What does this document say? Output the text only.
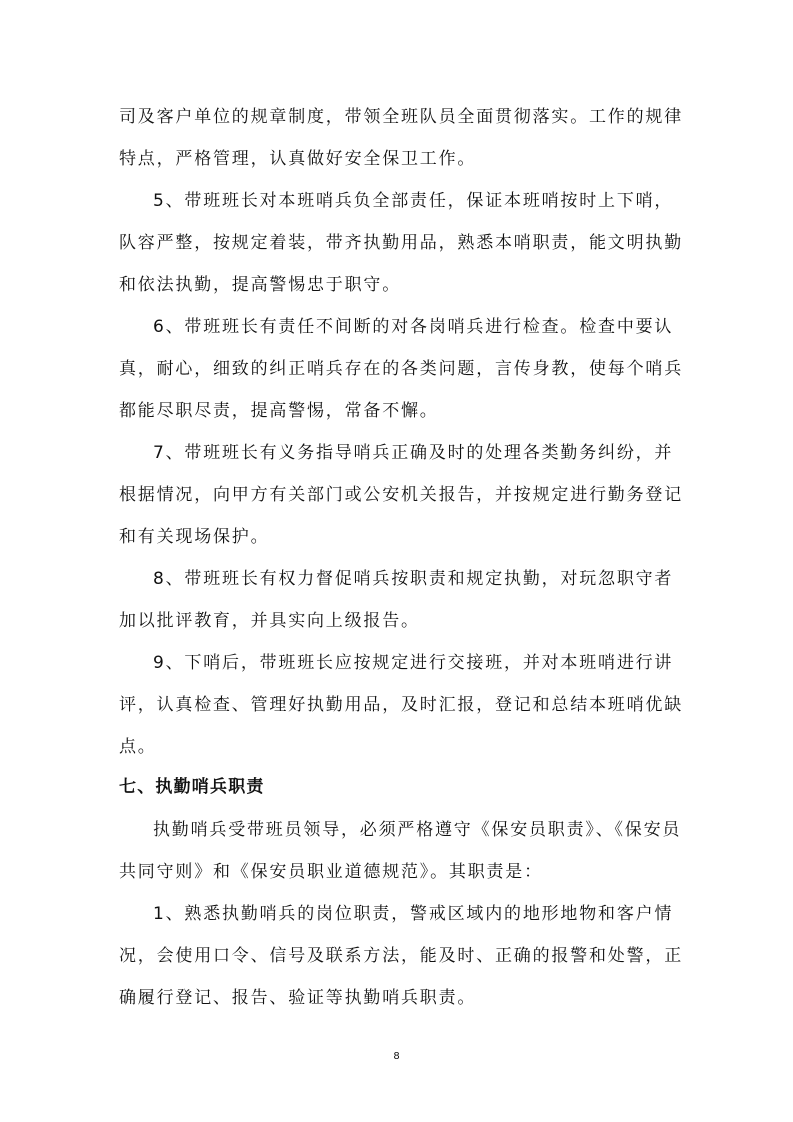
司及客户单位的规章制度，带领全班队员全面贯彻落实。工作的规律
特点，严格管理，认真做好安全保卫工作。
5、带班班长对本班哨兵负全部责任，保证本班哨按时上下哨，
队容严整，按规定着装，带齐执勤用品，熟悉本哨职责，能文明执勤
和依法执勤，提高警惕忠于职守。
6、带班班长有责任不间断的对各岗哨兵进行检查。检查中要认
真，耐心，细致的纠正哨兵存在的各类问题，言传身教，使每个哨兵
都能尽职尽责，提高警惕，常备不懈。
7、带班班长有义务指导哨兵正确及时的处理各类勤务纠纷，并
根据情况，向甲方有关部门或公安机关报告，并按规定进行勤务登记
和有关现场保护。
8、带班班长有权力督促哨兵按职责和规定执勤，对玩忽职守者
加以批评教育，并具实向上级报告。
9、下哨后，带班班长应按规定进行交接班，并对本班哨进行讲
评，认真检查、管理好执勤用品，及时汇报，登记和总结本班哨优缺
点。
七、执勤哨兵职责
执勤哨兵受带班员领导，必须严格遵守《保安员职责》、《保安员
共同守则》和《保安员职业道德规范》。其职责是：
1、熟悉执勤哨兵的岗位职责，警戒区域内的地形地物和客户情
况，会使用口令、信号及联系方法，能及时、正确的报警和处警，正
确履行登记、报告、验证等执勤哨兵职责。
8
